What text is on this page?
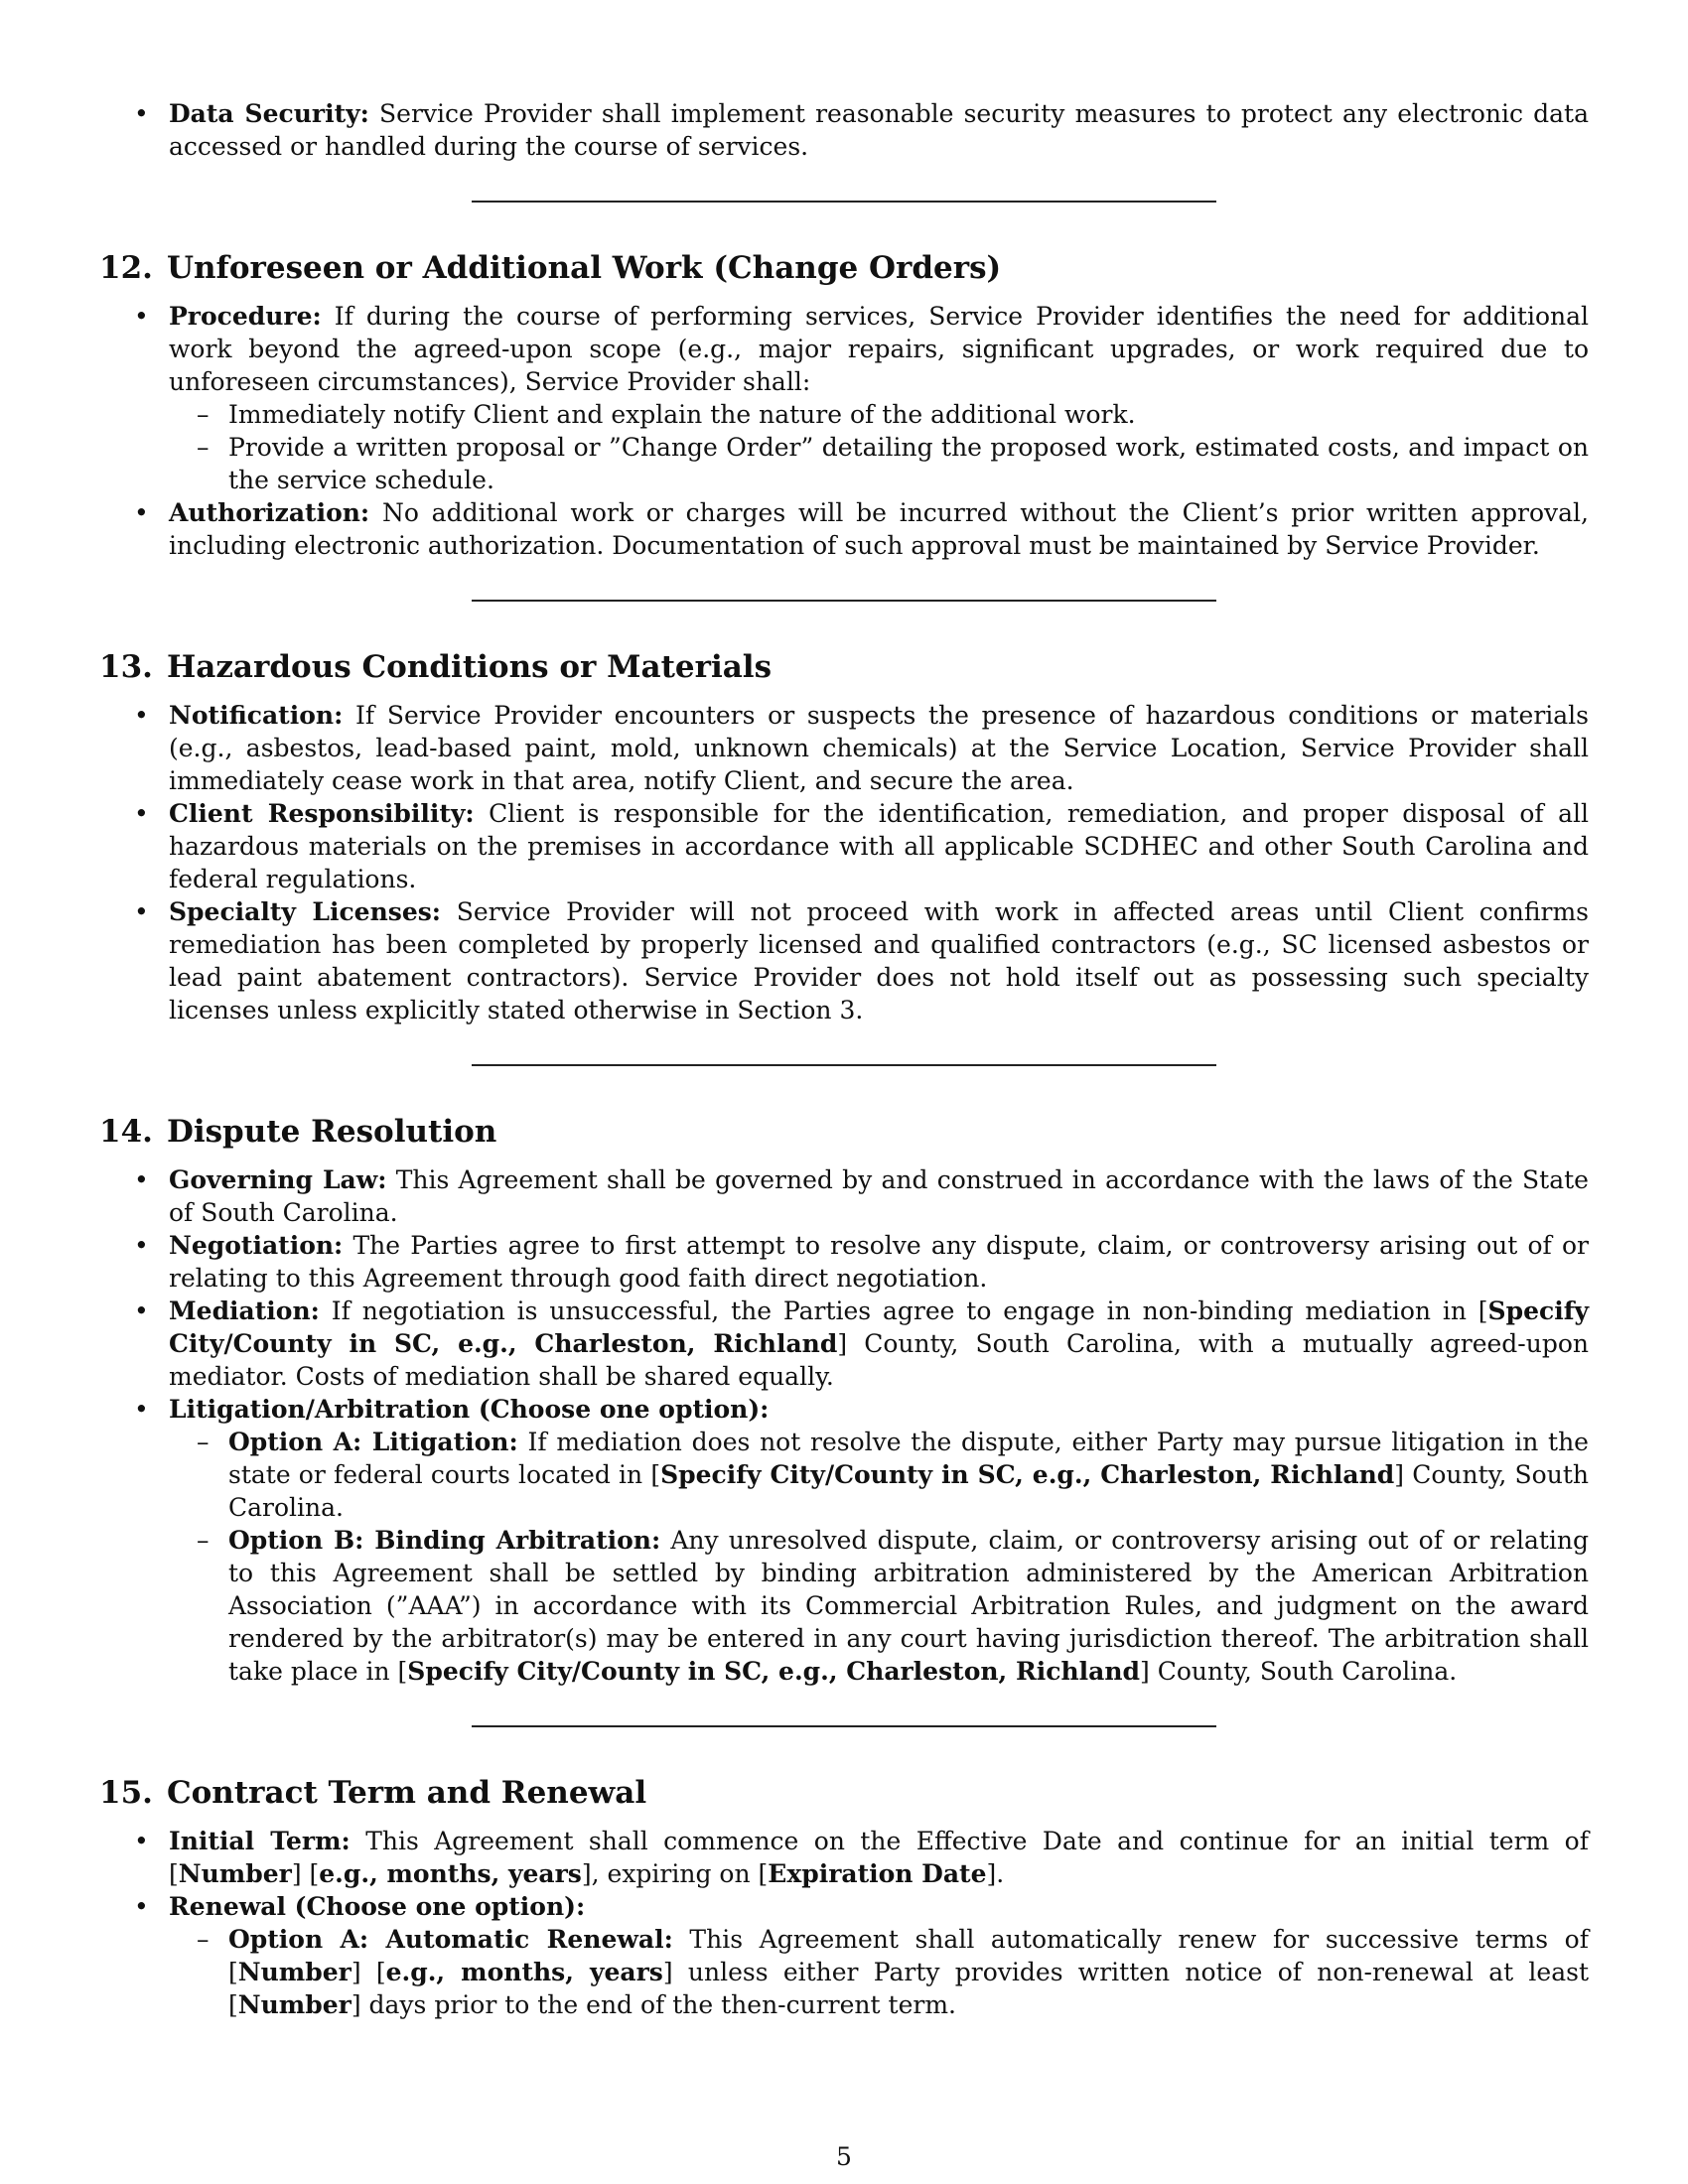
• Data Security: Service Provider shall implement reasonable security measures to protect any electronic data accessed or handled during the course of services.
12. Unforeseen or Additional Work (Change Orders)
• Procedure: If during the course of performing services, Service Provider identifies the need for additional work beyond the agreed-upon scope (e.g., major repairs, significant upgrades, or work required due to unforeseen circumstances), Service Provider shall:
– Immediately notify Client and explain the nature of the additional work.
– Provide a written proposal or ”Change Order” detailing the proposed work, estimated costs, and impact on the service schedule.
• Authorization: No additional work or charges will be incurred without the Client’s prior written approval, including electronic authorization. Documentation of such approval must be maintained by Service Provider.
13. Hazardous Conditions or Materials
• Notification: If Service Provider encounters or suspects the presence of hazardous conditions or materials (e.g., asbestos, lead-based paint, mold, unknown chemicals) at the Service Location, Service Provider shall immediately cease work in that area, notify Client, and secure the area.
• Client Responsibility: Client is responsible for the identification, remediation, and proper disposal of all hazardous materials on the premises in accordance with all applicable SCDHEC and other South Carolina and federal regulations.
• Specialty Licenses: Service Provider will not proceed with work in affected areas until Client confirms remediation has been completed by properly licensed and qualified contractors (e.g., SC licensed asbestos or lead paint abatement contractors). Service Provider does not hold itself out as possessing such specialty licenses unless explicitly stated otherwise in Section 3.
14. Dispute Resolution
• Governing Law: This Agreement shall be governed by and construed in accordance with the laws of the State of South Carolina.
• Negotiation: The Parties agree to first attempt to resolve any dispute, claim, or controversy arising out of or relating to this Agreement through good faith direct negotiation.
• Mediation: If negotiation is unsuccessful, the Parties agree to engage in non-binding mediation in [Specify City/County in SC, e.g., Charleston, Richland] County, South Carolina, with a mutually agreed-upon mediator. Costs of mediation shall be shared equally.
• Litigation/Arbitration (Choose one option):
– Option A: Litigation: If mediation does not resolve the dispute, either Party may pursue litigation in the state or federal courts located in [Specify City/County in SC, e.g., Charleston, Richland] County, South Carolina.
– Option B: Binding Arbitration: Any unresolved dispute, claim, or controversy arising out of or relating to this Agreement shall be settled by binding arbitration administered by the American Arbitration Association (”AAA”) in accordance with its Commercial Arbitration Rules, and judgment on the award rendered by the arbitrator(s) may be entered in any court having jurisdiction thereof. The arbitration shall take place in [Specify City/County in SC, e.g., Charleston, Richland] County, South Carolina.
15. Contract Term and Renewal
• Initial Term: This Agreement shall commence on the Effective Date and continue for an initial term of [Number] [e.g., months, years], expiring on [Expiration Date].
• Renewal (Choose one option):
– Option A: Automatic Renewal: This Agreement shall automatically renew for successive terms of [Number] [e.g., months, years] unless either Party provides written notice of non-renewal at least [Number] days prior to the end of the then-current term.
5
